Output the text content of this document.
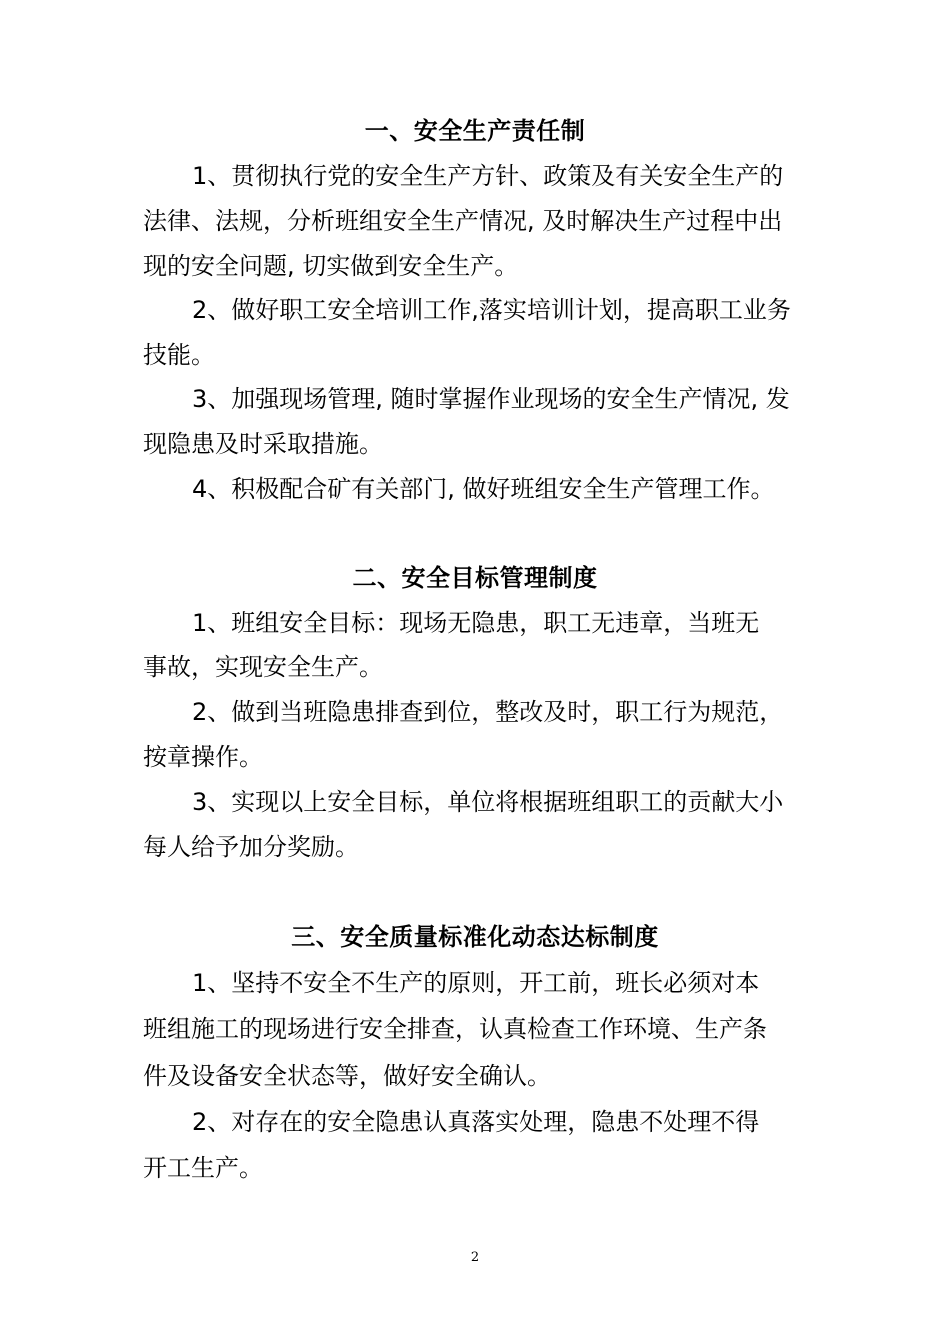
一、安全生产责任制
1、贯彻执行党的安全生产方针、政策及有关安全生产的
法律、法规，分析班组安全生产情况, 及时解决生产过程中出
现的安全问题, 切实做到安全生产。
2、做好职工安全培训工作,落实培训计划，提高职工业务
技能。
3、加强现场管理, 随时掌握作业现场的安全生产情况, 发
现隐患及时采取措施。
4、积极配合矿有关部门, 做好班组安全生产管理工作。
二、安全目标管理制度
1、班组安全目标：现场无隐患，职工无违章，当班无
事故，实现安全生产。
2、做到当班隐患排查到位，整改及时，职工行为规范，
按章操作。
3、实现以上安全目标，单位将根据班组职工的贡献大小
每人给予加分奖励。
三、安全质量标准化动态达标制度
1、坚持不安全不生产的原则，开工前，班长必须对本
班组施工的现场进行安全排查，认真检查工作环境、生产条
件及设备安全状态等，做好安全确认。
2、对存在的安全隐患认真落实处理，隐患不处理不得
开工生产。
2
